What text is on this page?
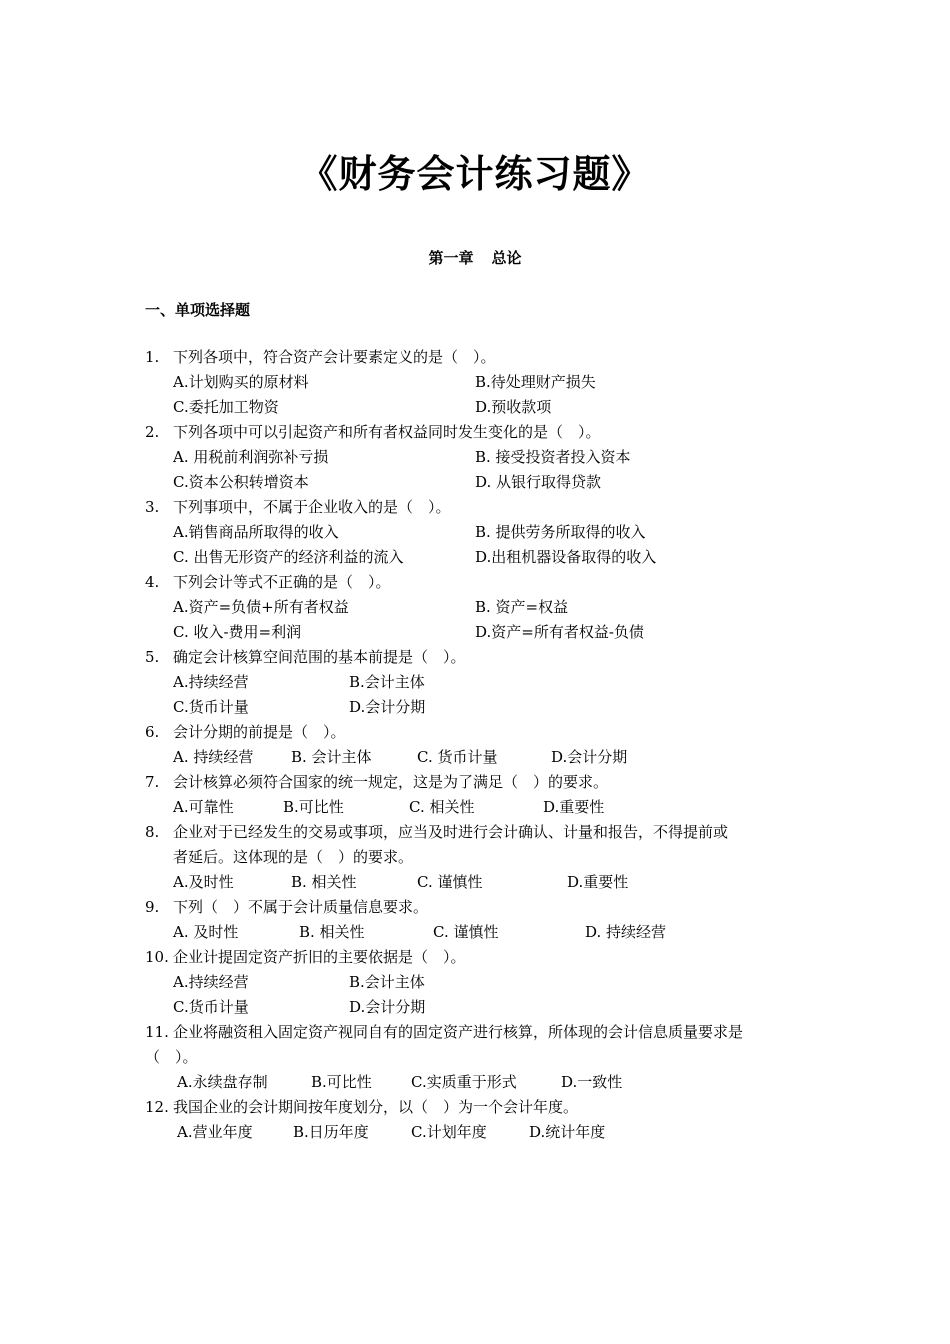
《财务会计练习题》
第一章 总论
一、单项选择题
1. 下列各项中，符合资产会计要素定义的是（　）。
A.计划购买的原材料	B.待处理财产损失
C.委托加工物资	D.预收款项
2. 下列各项中可以引起资产和所有者权益同时发生变化的是（　）。
A. 用税前利润弥补亏损	B. 接受投资者投入资本
C.资本公积转增资本	D. 从银行取得贷款
3. 下列事项中，不属于企业收入的是（　）。
A.销售商品所取得的收入	B. 提供劳务所取得的收入
C. 出售无形资产的经济利益的流入	D.出租机器设备取得的收入
4. 下列会计等式不正确的是（　）。
A.资产=负债+所有者权益	B. 资产=权益
C. 收入-费用=利润	D.资产=所有者权益-负债
5. 确定会计核算空间范围的基本前提是（　）。
A.持续经营	B.会计主体
C.货币计量	D.会计分期
6. 会计分期的前提是（　）。
A. 持续经营	B. 会计主体	C. 货币计量	D.会计分期
7. 会计核算必须符合国家的统一规定，这是为了满足（　）的要求。
A.可靠性	B.可比性	C. 相关性	D.重要性
8. 企业对于已经发生的交易或事项，应当及时进行会计确认、计量和报告，不得提前或
者延后。这体现的是（　）的要求。
A.及时性	B. 相关性	C. 谨慎性	D.重要性
9. 下列（　）不属于会计质量信息要求。
A. 及时性	B. 相关性	C. 谨慎性	D. 持续经营
10. 企业计提固定资产折旧的主要依据是（　）。
A.持续经营	B.会计主体
C.货币计量	D.会计分期
11. 企业将融资租入固定资产视同自有的固定资产进行核算，所体现的会计信息质量要求是
（　）。
A.永续盘存制	B.可比性	C.实质重于形式	D.一致性
12. 我国企业的会计期间按年度划分，以（　）为一个会计年度。
A.营业年度	B.日历年度	C.计划年度	D.统计年度
